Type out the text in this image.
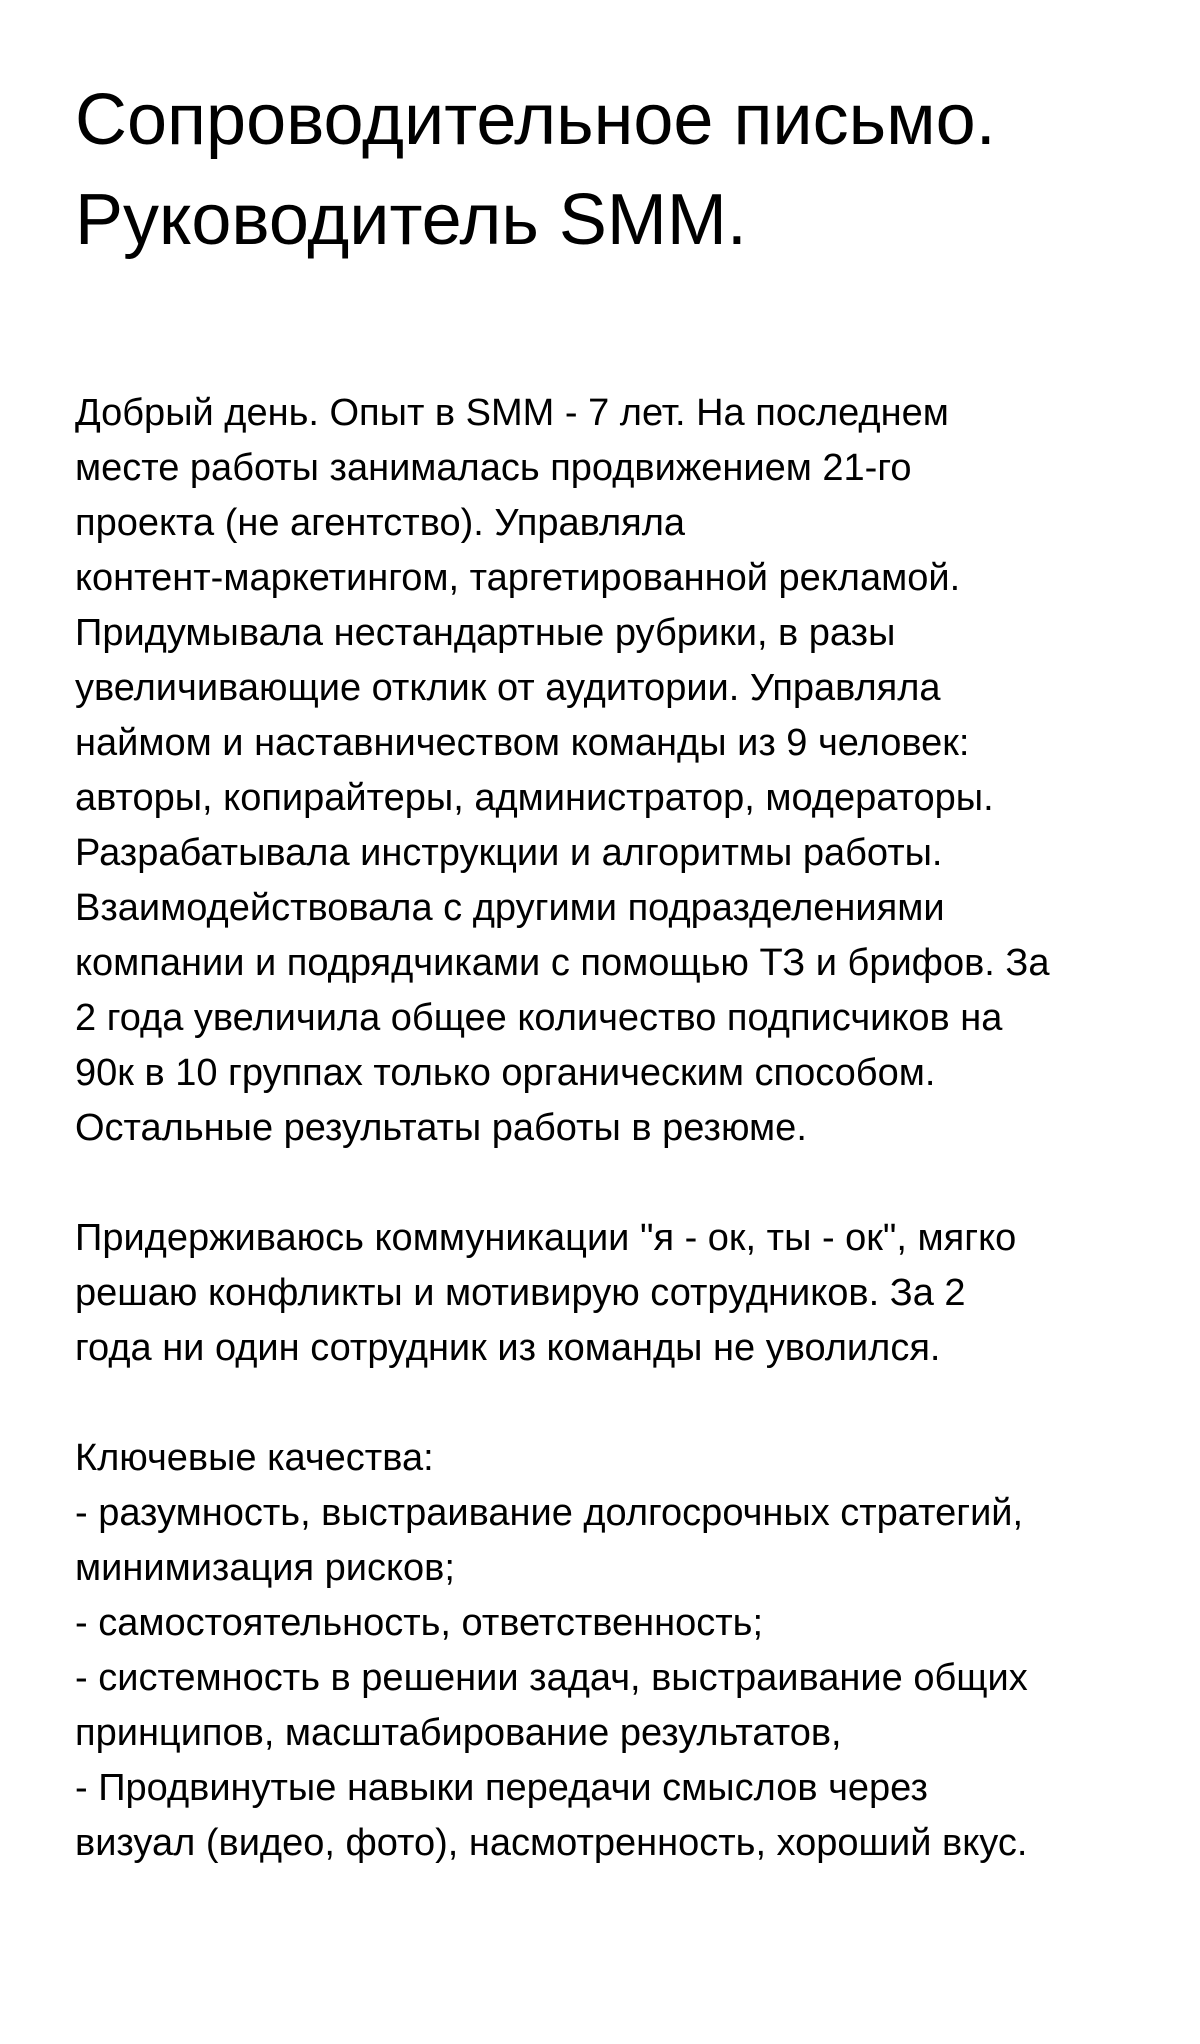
Сопроводительное письмо.
Руководитель SMM.

Добрый день. Опыт в SMM - 7 лет. На последнем
месте работы занималась продвижением 21-го
проекта (не агентство). Управляла
контент-маркетингом, таргетированной рекламой.
Придумывала нестандартные рубрики, в разы
увеличивающие отклик от аудитории. Управляла
наймом и наставничеством команды из 9 человек:
авторы, копирайтеры, администратор, модераторы.
Разрабатывала инструкции и алгоритмы работы.
Взаимодействовала с другими подразделениями
компании и подрядчиками с помощью ТЗ и брифов. За
2 года увеличила общее количество подписчиков на
90к в 10 группах только органическим способом.
Остальные результаты работы в резюме.

Придерживаюсь коммуникации "я - ок, ты - ок", мягко
решаю конфликты и мотивирую сотрудников. За 2
года ни один сотрудник из команды не уволился.

Ключевые качества:
- разумность, выстраивание долгосрочных стратегий,
минимизация рисков;
- самостоятельность, ответственность;
- системность в решении задач, выстраивание общих
принципов, масштабирование результатов,
- Продвинутые навыки передачи смыслов через
визуал (видео, фото), насмотренность, хороший вкус.
